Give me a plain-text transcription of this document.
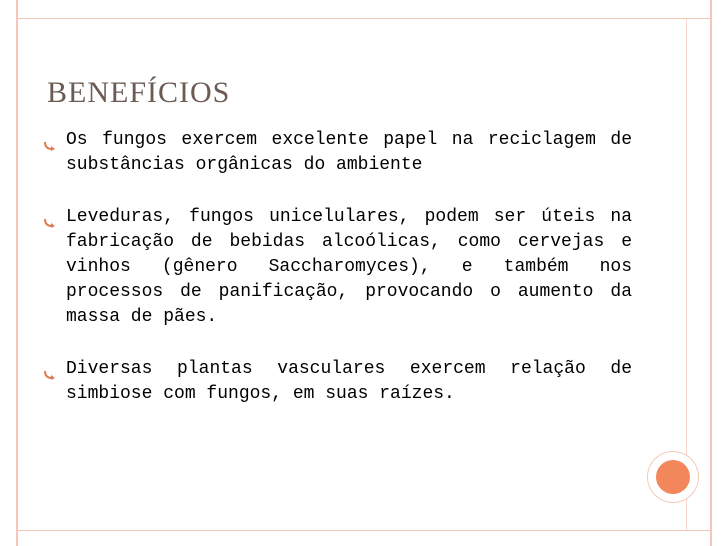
BENEFÍCIOS
Os fungos exercem excelente papel na reciclagem de substâncias orgânicas do ambiente
Leveduras, fungos unicelulares, podem ser úteis na fabricação de bebidas alcoólicas, como cervejas e vinhos (gênero Saccharomyces), e também nos processos de panificação, provocando o aumento da massa de pães.
Diversas plantas vasculares exercem relação de simbiose com fungos, em suas raízes.
